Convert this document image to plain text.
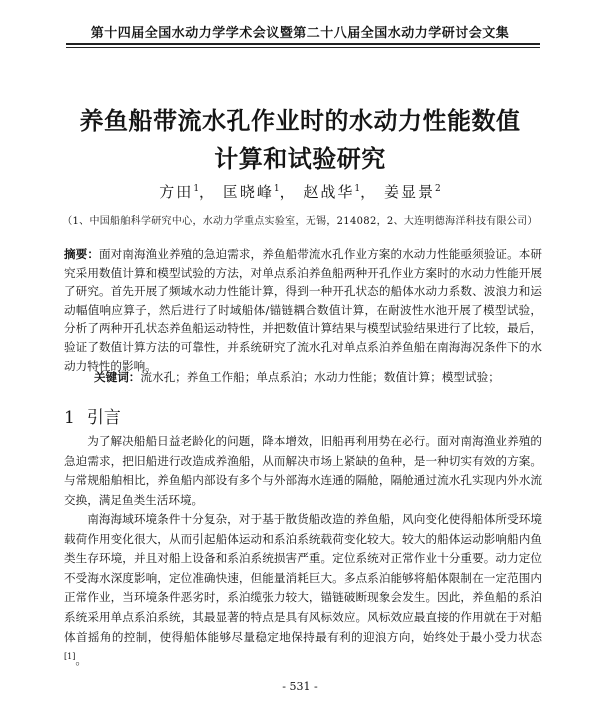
第十四届全国水动力学学术会议暨第二十八届全国水动力学研讨会文集
养鱼船带流水孔作业时的水动力性能数值
计算和试验研究
方田$^1$， 匡晓峰$^1$， 赵战华$^1$， 姜显景$^2$
（1、中国船舶科学研究中心，水动力学重点实验室，无锡，214082，2、大连明德海洋科技有限公司）
摘要：面对南海渔业养殖的急迫需求，养鱼船带流水孔作业方案的水动力性能亟须验证。本研究采用数值计算和模型试验的方法，对单点系泊养鱼船两种开孔作业方案时的水动力性能开展了研究。首先开展了频域水动力性能计算，得到一种开孔状态的船体水动力系数、波浪力和运动幅值响应算子，然后进行了时域船体/锚链耦合数值计算，在耐波性水池开展了模型试验，分析了两种开孔状态养鱼船运动特性，并把数值计算结果与模型试验结果进行了比较，最后，验证了数值计算方法的可靠性，并系统研究了流水孔对单点系泊养鱼船在南海海况条件下的水动力特性的影响。
关键词：流水孔；养鱼工作船；单点系泊；水动力性能；数值计算；模型试验；
1 引言

为了解决船船日益老龄化的问题，降本增效，旧船再利用势在必行。面对南海渔业养殖的急迫需求，把旧船进行改造成养渔船，从而解决市场上紧缺的鱼种，是一种切实有效的方案。与常规船舶相比，养鱼船内部设有多个与外部海水连通的隔舱，隔舱通过流水孔实现内外水流交换，满足鱼类生活环境。

南海海域环境条件十分复杂，对于基于散货船改造的养鱼船，风向变化使得船体所受环境载荷作用变化很大，从而引起船体运动和系泊系统载荷变化较大。较大的船体运动影响船内鱼类生存环境，并且对船上设备和系泊系统损害严重。定位系统对正常作业十分重要。动力定位不受海水深度影响，定位准确快速，但能量消耗巨大。多点系泊能够将船体限制在一定范围内正常作业，当环境条件恶劣时，系泊缆张力较大，锚链破断现象会发生。因此，养鱼船的系泊系统采用单点系泊系统，其最显著的特点是具有风标效应。风标效应最直接的作用就在于对船体首摇角的控制，使得船体能够尽量稳定地保持最有利的迎浪方向，始终处于最小受力状态[1]。

- 531 -
